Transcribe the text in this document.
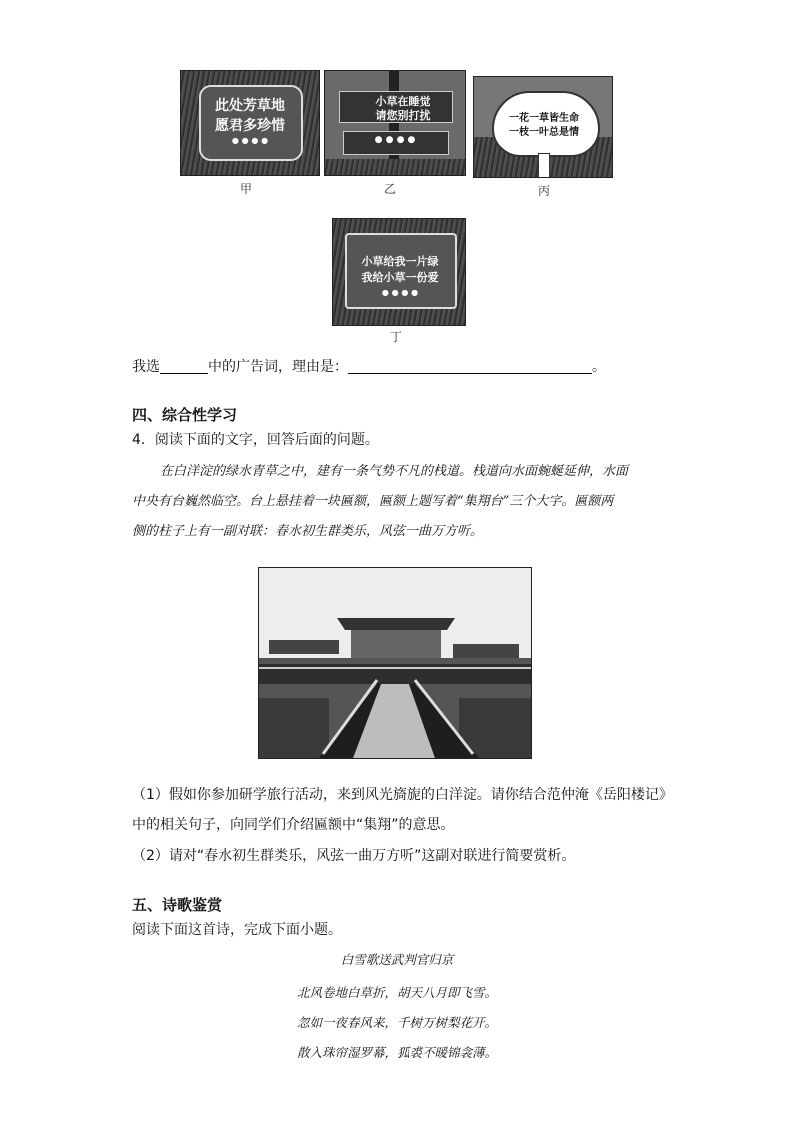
此处芳草地
愿君多珍惜
● ● ● ●
甲
小草在睡觉
请您别打扰
● ● ● ●
乙
一花一草皆生命
一枝一叶总是情
丙
小草给我一片绿
我给小草一份爱
● ● ● ●
丁
我选	中的广告词，理由是：	。
四、综合性学习
4．阅读下面的文字，回答后面的问题。
在白洋淀的绿水青草之中，建有一条气势不凡的栈道。栈道向水面蜿蜒延伸，水面
中央有台巍然临空。台上悬挂着一块匾额，匾额上题写着“集翔台”三个大字。匾额两
侧的柱子上有一副对联：春水初生群类乐，风弦一曲万方听。
（1）假如你参加研学旅行活动，来到风光旖旎的白洋淀。请你结合范仲淹《岳阳楼记》
中的相关句子，向同学们介绍匾额中“集翔”的意思。
（2）请对“春水初生群类乐，风弦一曲万方听”这副对联进行简要赏析。
五、诗歌鉴赏
阅读下面这首诗，完成下面小题。
白雪歌送武判官归京
北风卷地白草折，胡天八月即飞雪。
忽如一夜春风来，千树万树梨花开。
散入珠帘湿罗幕，狐裘不暖锦衾薄。
